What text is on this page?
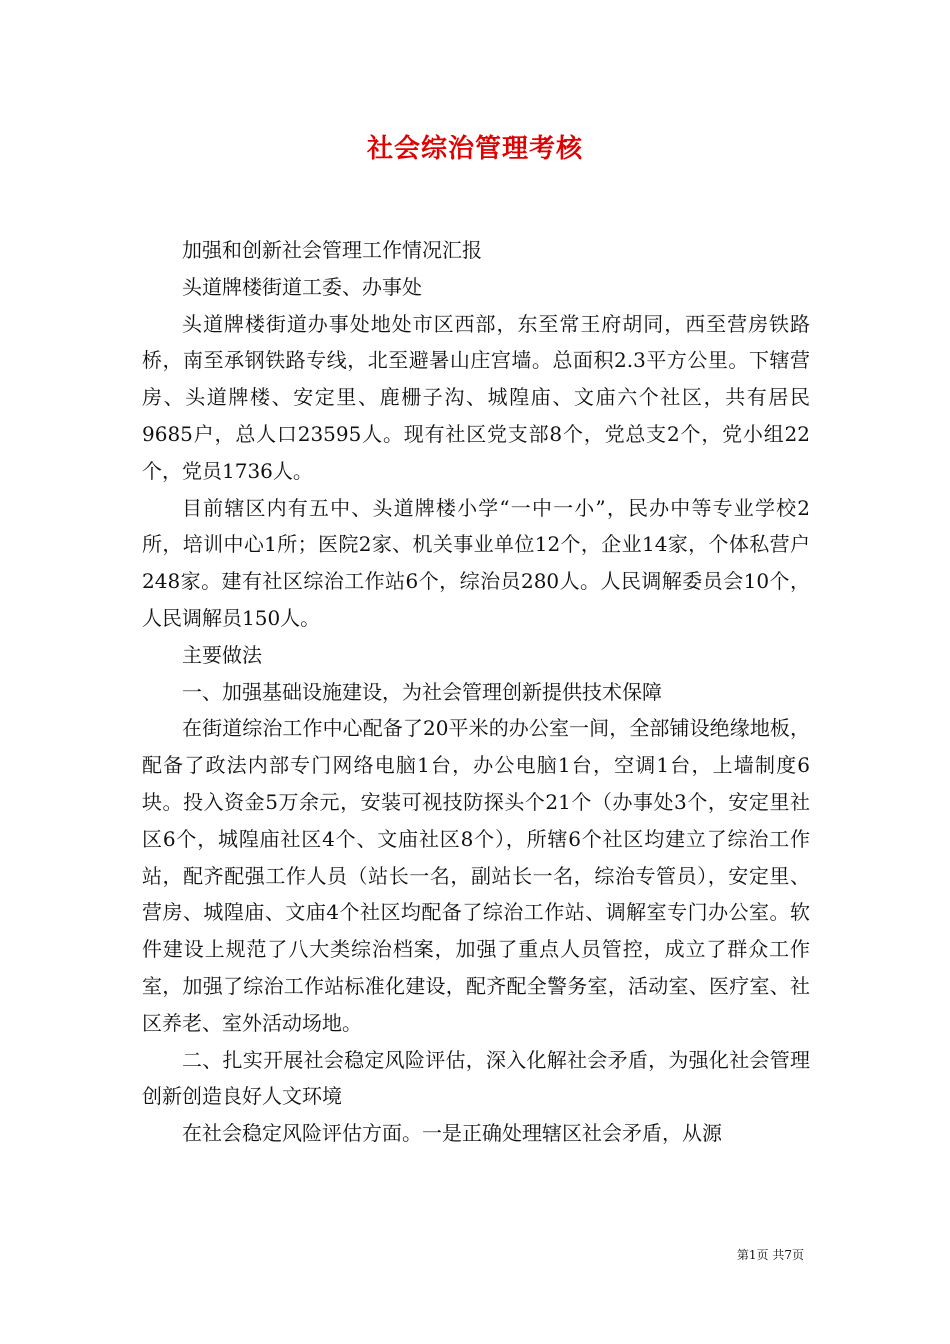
社会综治管理考核

加强和创新社会管理工作情况汇报

头道牌楼街道工委、办事处

头道牌楼街道办事处地处市区西部，东至常王府胡同，西至营房铁路桥，南至承钢铁路专线，北至避暑山庄宫墙。总面积2.3平方公里。下辖营房、头道牌楼、安定里、鹿栅子沟、城隍庙、文庙六个社区，共有居民9685户，总人口23595人。现有社区党支部8个，党总支2个，党小组22个，党员1736人。

目前辖区内有五中、头道牌楼小学“一中一小”，民办中等专业学校2所，培训中心1所；医院2家、机关事业单位12个，企业14家，个体私营户248家。建有社区综治工作站6个，综治员280人。人民调解委员会10个，人民调解员150人。

主要做法

一、加强基础设施建设，为社会管理创新提供技术保障

在街道综治工作中心配备了20平米的办公室一间，全部铺设绝缘地板，配备了政法内部专门网络电脑1台，办公电脑1台，空调1台，上墙制度6块。投入资金5万余元，安装可视技防探头个21个（办事处3个，安定里社区6个，城隍庙社区4个、文庙社区8个），所辖6个社区均建立了综治工作站，配齐配强工作人员（站长一名，副站长一名，综治专管员），安定里、营房、城隍庙、文庙4个社区均配备了综治工作站、调解室专门办公室。软件建设上规范了八大类综治档案，加强了重点人员管控，成立了群众工作室，加强了综治工作站标准化建设，配齐配全警务室，活动室、医疗室、社区养老、室外活动场地。

二、扎实开展社会稳定风险评估，深入化解社会矛盾，为强化社会管理创新创造良好人文环境

在社会稳定风险评估方面。一是正确处理辖区社会矛盾，从源

第1页 共7页
